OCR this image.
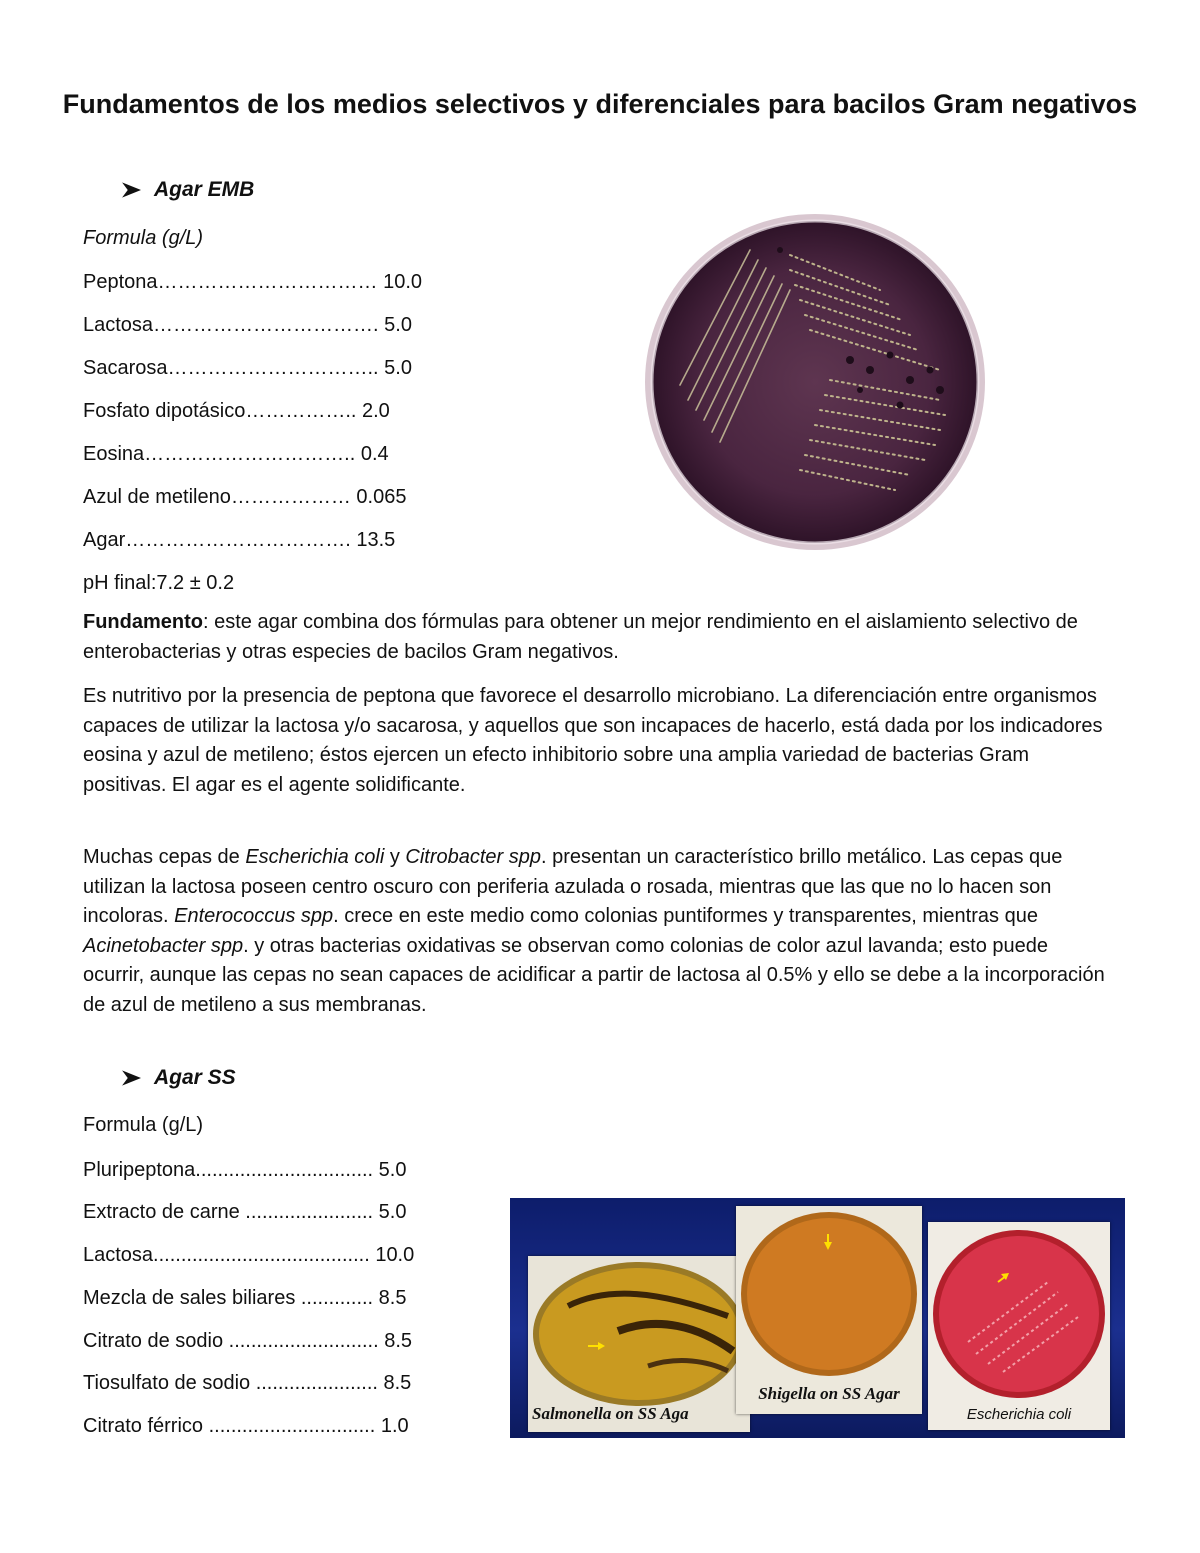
Fundamentos de los medios selectivos y diferenciales para bacilos Gram negativos
Agar EMB
Formula (g/L)
Peptona…………………………… 10.0
Lactosa……………………………. 5.0
Sacarosa………………………….. 5.0
Fosfato dipotásico…………….. 2.0
Eosina………………………….. 0.4
Azul de metileno……………… 0.065
Agar……………………………. 13.5
pH final:7.2 ± 0.2

Fundamento: este agar combina dos fórmulas para obtener un mejor rendimiento en el aislamiento selectivo de enterobacterias y otras especies de bacilos Gram negativos.

Es nutritivo por la presencia de peptona que favorece el desarrollo microbiano. La diferenciación entre organismos capaces de utilizar la lactosa y/o sacarosa, y aquellos que son incapaces de hacerlo, está dada por los indicadores eosina y azul de metileno; éstos ejercen un efecto inhibitorio sobre una amplia variedad de bacterias Gram positivas. El agar es el agente solidificante.

Muchas cepas de Escherichia coli y Citrobacter spp. presentan un característico brillo metálico. Las cepas que utilizan la lactosa poseen centro oscuro con periferia azulada o rosada, mientras que las que no lo hacen son incoloras. Enterococcus spp. crece en este medio como colonias puntiformes y transparentes, mientras que Acinetobacter spp. y otras bacterias oxidativas se observan como colonias de color azul lavanda; esto puede ocurrir, aunque las cepas no sean capaces de acidificar a partir de lactosa al 0.5% y ello se debe a la incorporación de azul de metileno a sus membranas.

Agar SS
Formula (g/L)
Pluripeptona................................ 5.0
Extracto de carne ....................... 5.0
Lactosa....................................... 10.0
Mezcla de sales biliares ............. 8.5
Citrato de sodio ........................... 8.5
Tiosulfato de sodio ...................... 8.5
Citrato férrico .............................. 1.0
Salmonella on SS Aga
Shigella on SS Agar
Escherichia coli
